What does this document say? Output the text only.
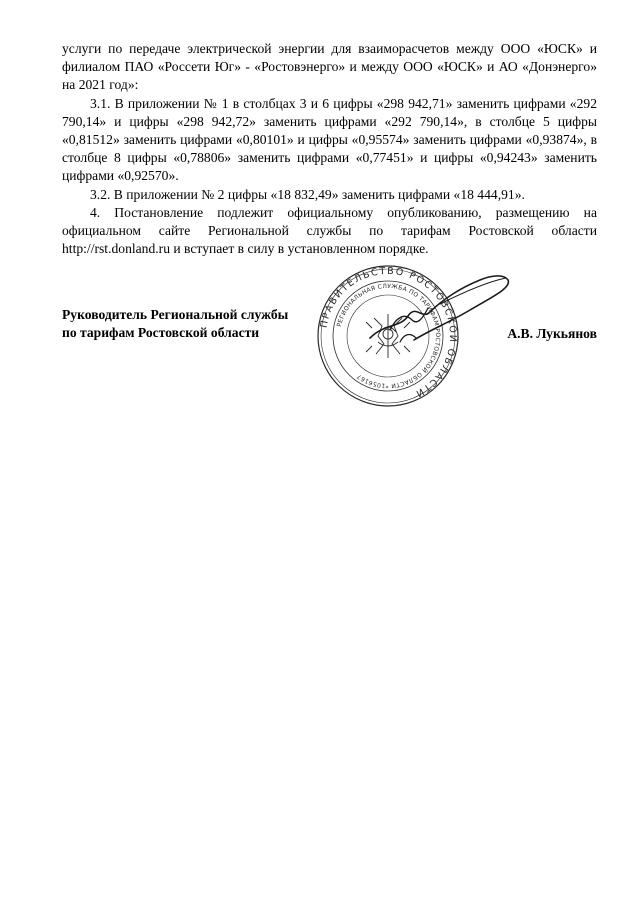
услуги по передаче электрической энергии для взаиморасчетов между ООО «ЮСК» и филиалом ПАО «Россети Юг» - «Ростовэнерго» и между ООО «ЮСК» и АО «Донэнерго» на 2021 год»:

3.1. В приложении № 1 в столбцах 3 и 6 цифры «298 942,71» заменить цифрами «292 790,14» и цифры «298 942,72» заменить цифрами «292 790,14», в столбце 5 цифры «0,81512» заменить цифрами «0,80101» и цифры «0,95574» заменить цифрами «0,93874», в столбце 8 цифры «0,78806» заменить цифрами «0,77451» и цифры «0,94243» заменить цифрами «0,92570».

3.2. В приложении № 2 цифры «18 832,49» заменить цифрами «18 444,91».

4. Постановление подлежит официальному опубликованию, размещению на официальном сайте Региональной службы по тарифам Ростовской области http://rst.donland.ru и вступает в силу в установленном порядке.

Руководитель Региональной службы
по тарифам Ростовской области	А.В. Лукьянов
ПРАВИТЕЛЬСТВО РОСТОВСКОЙ ОБЛАСТИ
РЕГИОНАЛЬНАЯ СЛУЖБА ПО ТАРИФАМ РОСТОВСКОЙ ОБЛАСТИ *1056167
